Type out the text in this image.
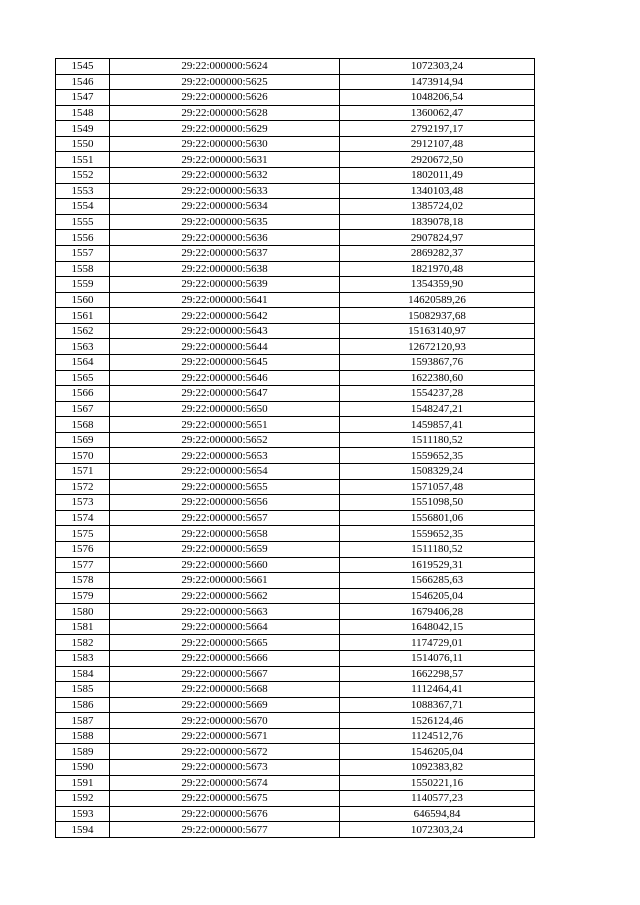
1545	29:22:000000:5624	1072303,24
1546	29:22:000000:5625	1473914,94
1547	29:22:000000:5626	1048206,54
1548	29:22:000000:5628	1360062,47
1549	29:22:000000:5629	2792197,17
1550	29:22:000000:5630	2912107,48
1551	29:22:000000:5631	2920672,50
1552	29:22:000000:5632	1802011,49
1553	29:22:000000:5633	1340103,48
1554	29:22:000000:5634	1385724,02
1555	29:22:000000:5635	1839078,18
1556	29:22:000000:5636	2907824,97
1557	29:22:000000:5637	2869282,37
1558	29:22:000000:5638	1821970,48
1559	29:22:000000:5639	1354359,90
1560	29:22:000000:5641	14620589,26
1561	29:22:000000:5642	15082937,68
1562	29:22:000000:5643	15163140,97
1563	29:22:000000:5644	12672120,93
1564	29:22:000000:5645	1593867,76
1565	29:22:000000:5646	1622380,60
1566	29:22:000000:5647	1554237,28
1567	29:22:000000:5650	1548247,21
1568	29:22:000000:5651	1459857,41
1569	29:22:000000:5652	1511180,52
1570	29:22:000000:5653	1559652,35
1571	29:22:000000:5654	1508329,24
1572	29:22:000000:5655	1571057,48
1573	29:22:000000:5656	1551098,50
1574	29:22:000000:5657	1556801,06
1575	29:22:000000:5658	1559652,35
1576	29:22:000000:5659	1511180,52
1577	29:22:000000:5660	1619529,31
1578	29:22:000000:5661	1566285,63
1579	29:22:000000:5662	1546205,04
1580	29:22:000000:5663	1679406,28
1581	29:22:000000:5664	1648042,15
1582	29:22:000000:5665	1174729,01
1583	29:22:000000:5666	1514076,11
1584	29:22:000000:5667	1662298,57
1585	29:22:000000:5668	1112464,41
1586	29:22:000000:5669	1088367,71
1587	29:22:000000:5670	1526124,46
1588	29:22:000000:5671	1124512,76
1589	29:22:000000:5672	1546205,04
1590	29:22:000000:5673	1092383,82
1591	29:22:000000:5674	1550221,16
1592	29:22:000000:5675	1140577,23
1593	29:22:000000:5676	646594,84
1594	29:22:000000:5677	1072303,24
